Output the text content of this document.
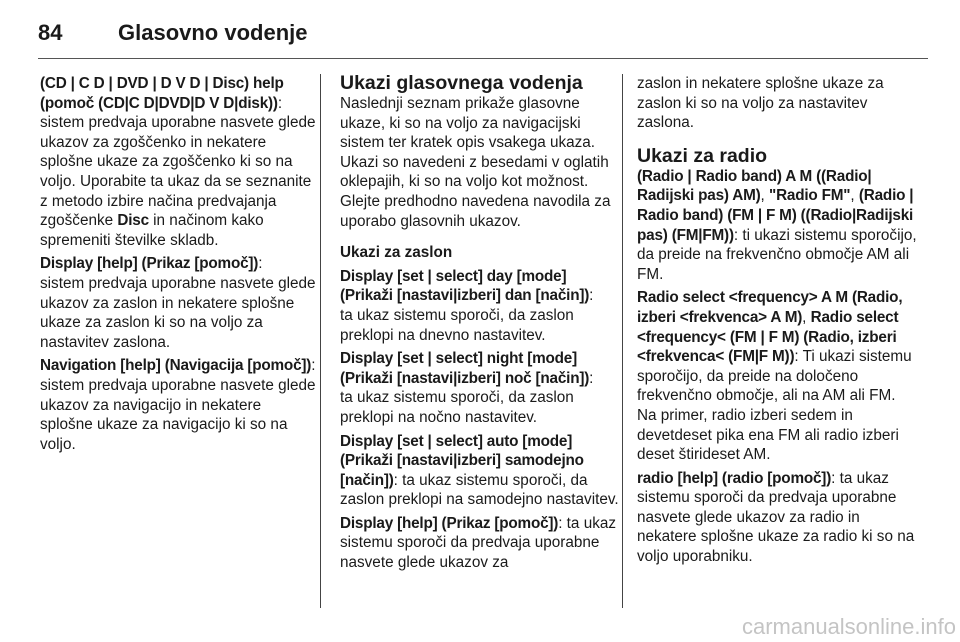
84	Glasovno vodenje

(CD | C D | DVD | D V D | Disc) help (pomoč (CD|C D|DVD|D V D|disk)):
sistem predvaja uporabne nasvete glede ukazov za zgoščenko in nekatere splošne ukaze za zgoščenko ki so na voljo. Uporabite ta ukaz da se seznanite z metodo izbire načina predvajanja zgoščenke Disc in načinom kako spremeniti številke skladb.

Display [help] (Prikaz [pomoč]):
sistem predvaja uporabne nasvete glede ukazov za zaslon in nekatere splošne ukaze za zaslon ki so na voljo za nastavitev zaslona.

Navigation [help] (Navigacija [pomoč]): sistem predvaja uporabne nasvete glede ukazov za navigacijo in nekatere splošne ukaze za navigacijo ki so na voljo.

Ukazi glasovnega vodenja

Naslednji seznam prikaže glasovne ukaze, ki so na voljo za navigacijski sistem ter kratek opis vsakega ukaza. Ukazi so navedeni z besedami v oglatih oklepajih, ki so na voljo kot možnost. Glejte predhodno navedena navodila za uporabo glasovnih ukazov.

Ukazi za zaslon

Display [set | select] day [mode] (Prikaži [nastavi|izberi] dan [način]):
ta ukaz sistemu sporoči, da zaslon preklopi na dnevno nastavitev.

Display [set | select] night [mode] (Prikaži [nastavi|izberi] noč [način]):
ta ukaz sistemu sporoči, da zaslon preklopi na nočno nastavitev.

Display [set | select] auto [mode] (Prikaži [nastavi|izberi] samodejno [način]): ta ukaz sistemu sporoči, da zaslon preklopi na samodejno nastavitev.

Display [help] (Prikaz [pomoč]): ta ukaz sistemu sporoči da predvaja uporabne nasvete glede ukazov za

zaslon in nekatere splošne ukaze za zaslon ki so na voljo za nastavitev zaslona.

Ukazi za radio

(Radio | Radio band) A M ((Radio| Radijski pas) AM), "Radio FM", (Radio | Radio band) (FM | F M) ((Radio|Radijski pas) (FM|FM)): ti ukazi sistemu sporočijo, da preide na frekvenčno območje AM ali FM.

Radio select <frequency> A M (Radio, izberi <frekvenca> A M), Radio select <frequency< (FM | F M) (Radio, izberi <frekvenca< (FM|F M)): Ti ukazi sistemu sporočijo, da preide na določeno frekvenčno območje, ali na AM ali FM. Na primer, radio izberi sedem in devetdeset pika ena FM ali radio izberi deset štirideset AM.

radio [help] (radio [pomoč]): ta ukaz sistemu sporoči da predvaja uporabne nasvete glede ukazov za radio in nekatere splošne ukaze za radio ki so na voljo uporabniku.

carmanualsonline.info
